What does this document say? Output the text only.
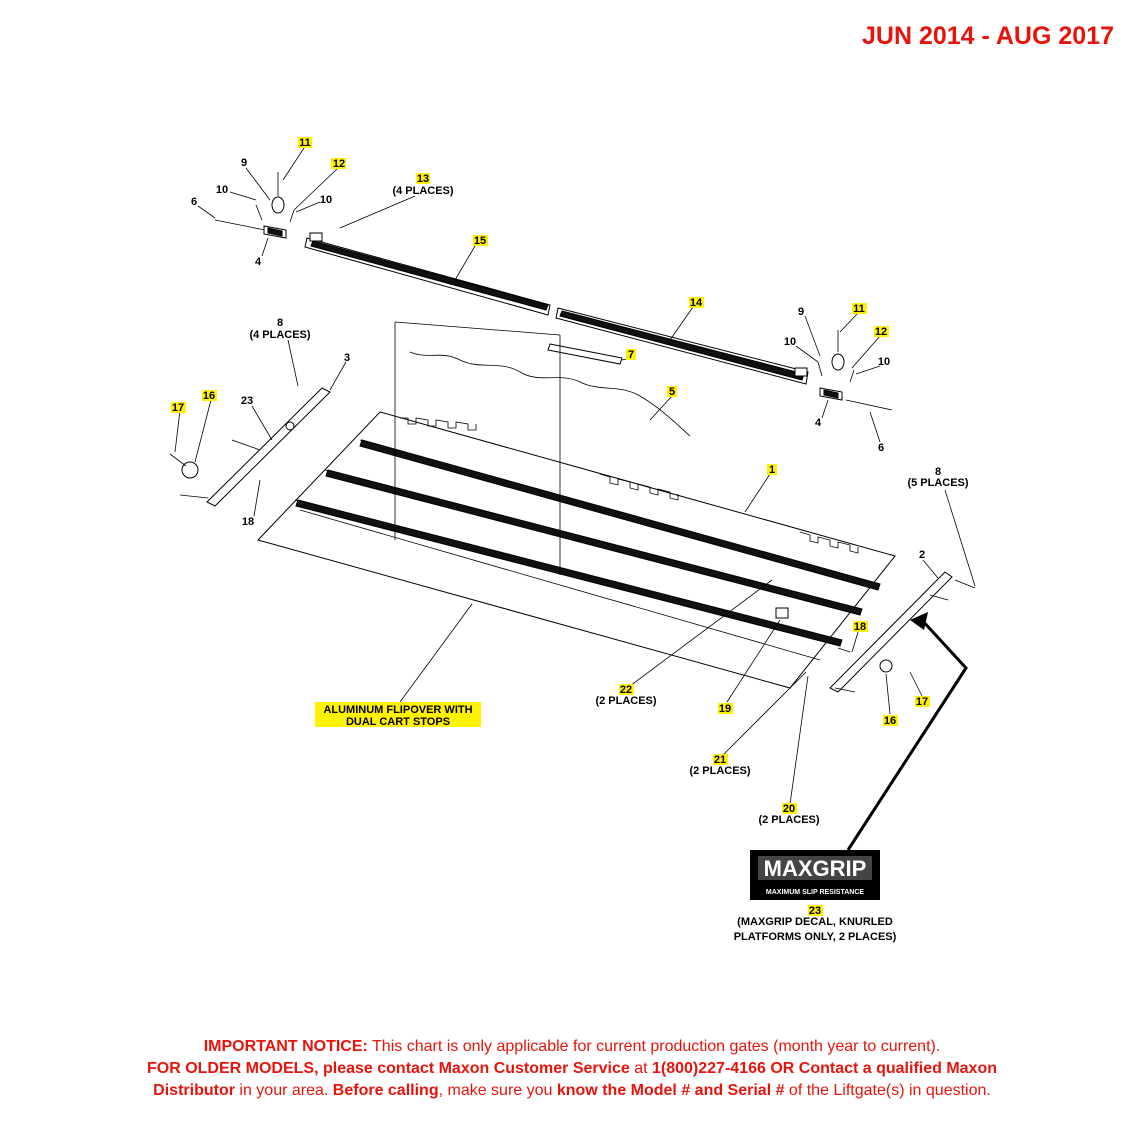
JUN 2014 - AUG 2017
11
9	12
10
10
6
4
13
(4 PLACES)
15
14
7
5
8
(4 PLACES)
3
17
16 23
18
9	11
12
10
10
4
6
1	8
(5 PLACES)
2
18
17
16
22
(2 PLACES)
19
21
(2 PLACES)
20
(2 PLACES)
23
(MAXGRIP DECAL, KNURLED
PLATFORMS ONLY, 2 PLACES)
ALUMINUM FLIPOVER WITH
DUAL CART STOPS
MAXGRIP
MAXIMUM SLIP RESISTANCE
IMPORTANT NOTICE: This chart is only applicable for current production gates (month year to current).
FOR OLDER MODELS, please contact Maxon Customer Service at 1(800)227-4166 OR Contact a qualified Maxon
Distributor in your area. Before calling, make sure you know the Model # and Serial # of the Liftgate(s) in question.
